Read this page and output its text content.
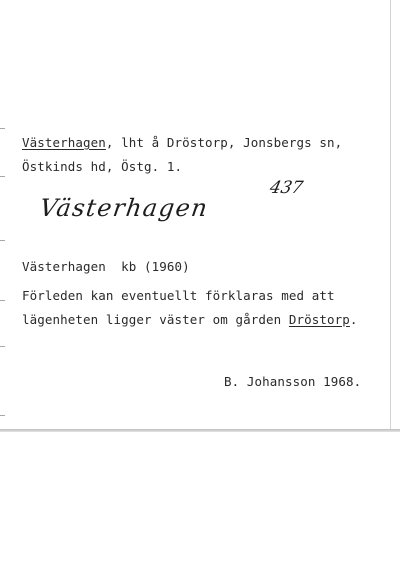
Västerhagen, lht å Dröstorp, Jonsbergs sn,
Östkinds hd, Östg. 1.
437
Västerhagen
Västerhagen  kb (1960)
Förleden kan eventuellt förklaras med att
lägenheten ligger väster om gården Dröstorp.
B. Johansson 1968.
